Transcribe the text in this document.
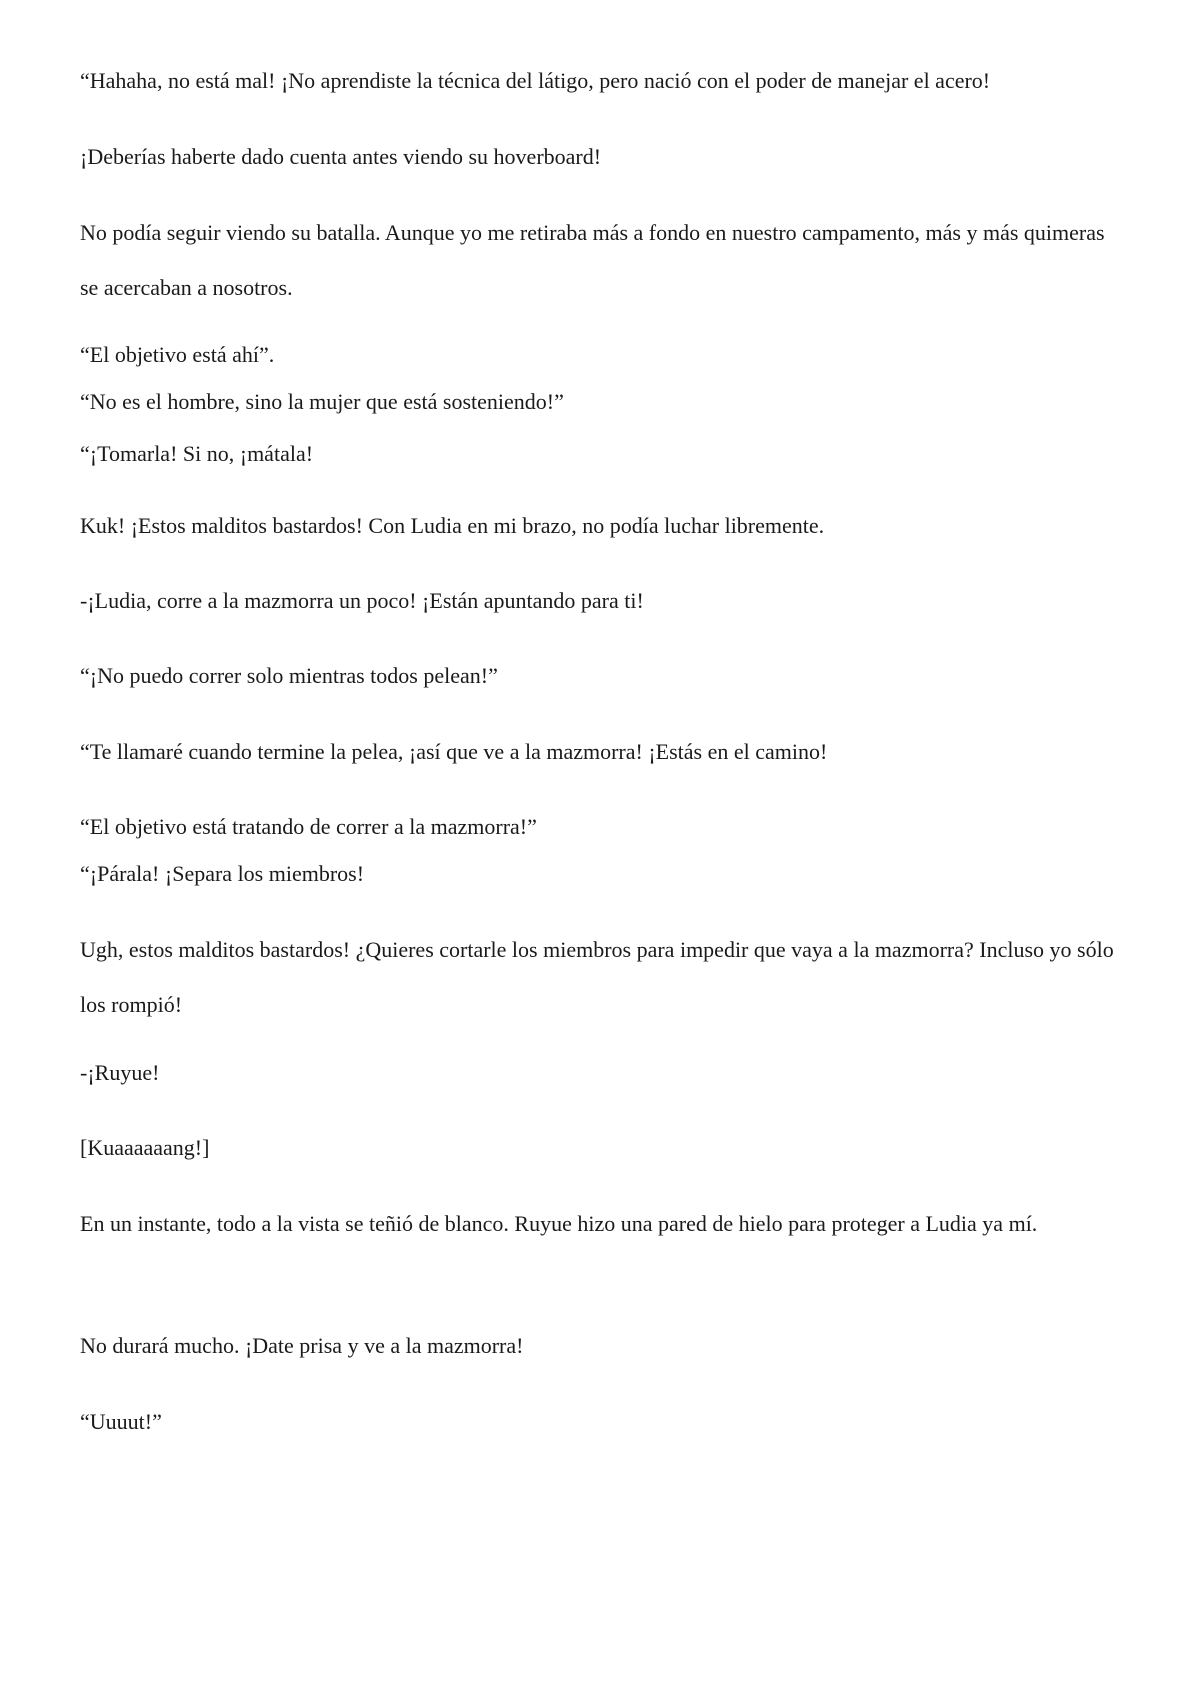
“Hahaha, no está mal! ¡No aprendiste la técnica del látigo, pero nació con el poder de manejar el acero!

¡Deberías haberte dado cuenta antes viendo su hoverboard!

No podía seguir viendo su batalla. Aunque yo me retiraba más a fondo en nuestro campamento, más y más quimeras se acercaban a nosotros.

“El objetivo está ahí”.

“No es el hombre, sino la mujer que está sosteniendo!”

“¡Tomarla! Si no, ¡mátala!

Kuk! ¡Estos malditos bastardos! Con Ludia en mi brazo, no podía luchar libremente.

-¡Ludia, corre a la mazmorra un poco! ¡Están apuntando para ti!

“¡No puedo correr solo mientras todos pelean!”

“Te llamaré cuando termine la pelea, ¡así que ve a la mazmorra! ¡Estás en el camino!

“El objetivo está tratando de correr a la mazmorra!”

“¡Párala! ¡Separa los miembros!

Ugh, estos malditos bastardos! ¿Quieres cortarle los miembros para impedir que vaya a la mazmorra? Incluso yo sólo los rompió!

-¡Ruyue!

[Kuaaaaaang!]

En un instante, todo a la vista se teñió de blanco. Ruyue hizo una pared de hielo para proteger a Ludia ya mí.

No durará mucho. ¡Date prisa y ve a la mazmorra!

“Uuuut!”
